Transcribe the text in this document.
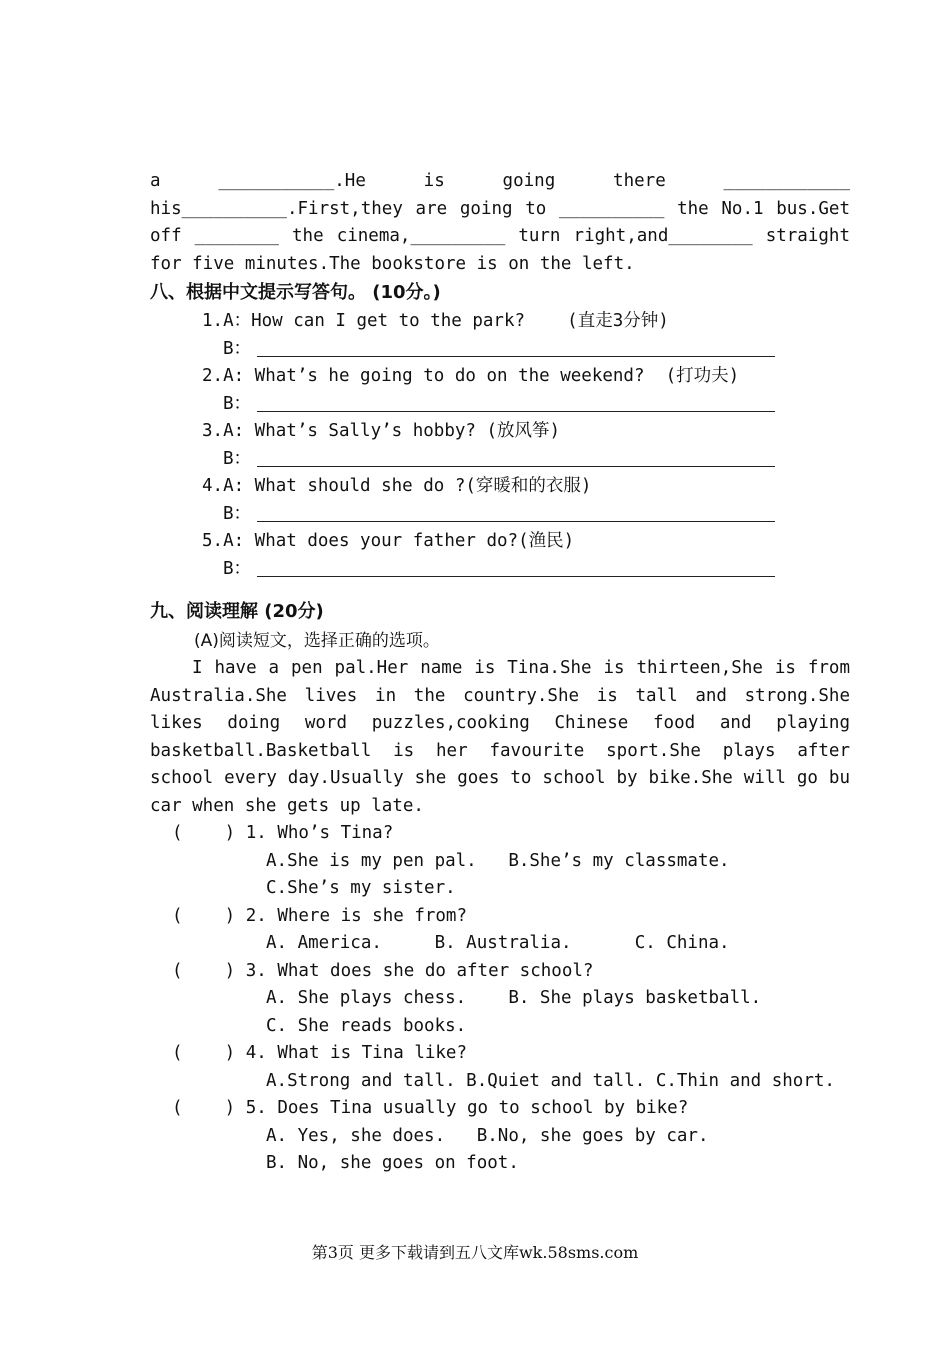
a ___________.He is going there ____________
his__________.First,they are going to __________ the No.1 bus.Get
off ________ the cinema,_________ turn right,and________ straight
for five minutes.The bookstore is on the left.
八、根据中文提示写答句。 (10分。)
1.A：How can I get to the park?    (直走3分钟)
B：
2.A: What’s he going to do on the weekend?  (打功夫)
B：
3.A: What’s Sally’s hobby? (放风筝)
B：
4.A: What should she do ?(穿暖和的衣服)
B：
5.A: What does your father do?(渔民)
B：
九、阅读理解 (20分)
(A)阅读短文，选择正确的选项。
I have a pen pal.Her name is Tina.She is thirteen,She is from
Australia.She lives in the country.She is tall and strong.She
likes doing word puzzles,cooking Chinese food and playing
basketball.Basketball is her favourite sport.She plays after
school every day.Usually she goes to school by bike.She will go bu
car when she gets up late.
(    ) 1. Who’s Tina?
A.She is my pen pal.   B.She’s my classmate.
C.She’s my sister.
(    ) 2. Where is she from?
A. America.     B. Australia.      C. China.
(    ) 3. What does she do after school?
A. She plays chess.    B. She plays basketball.
C. She reads books.
(    ) 4. What is Tina like?
A.Strong and tall. B.Quiet and tall. C.Thin and short.
(    ) 5. Does Tina usually go to school by bike?
A. Yes, she does.   B.No, she goes by car.
B. No, she goes on foot.
第3页 更多下载请到五八文库wk.58sms.com
